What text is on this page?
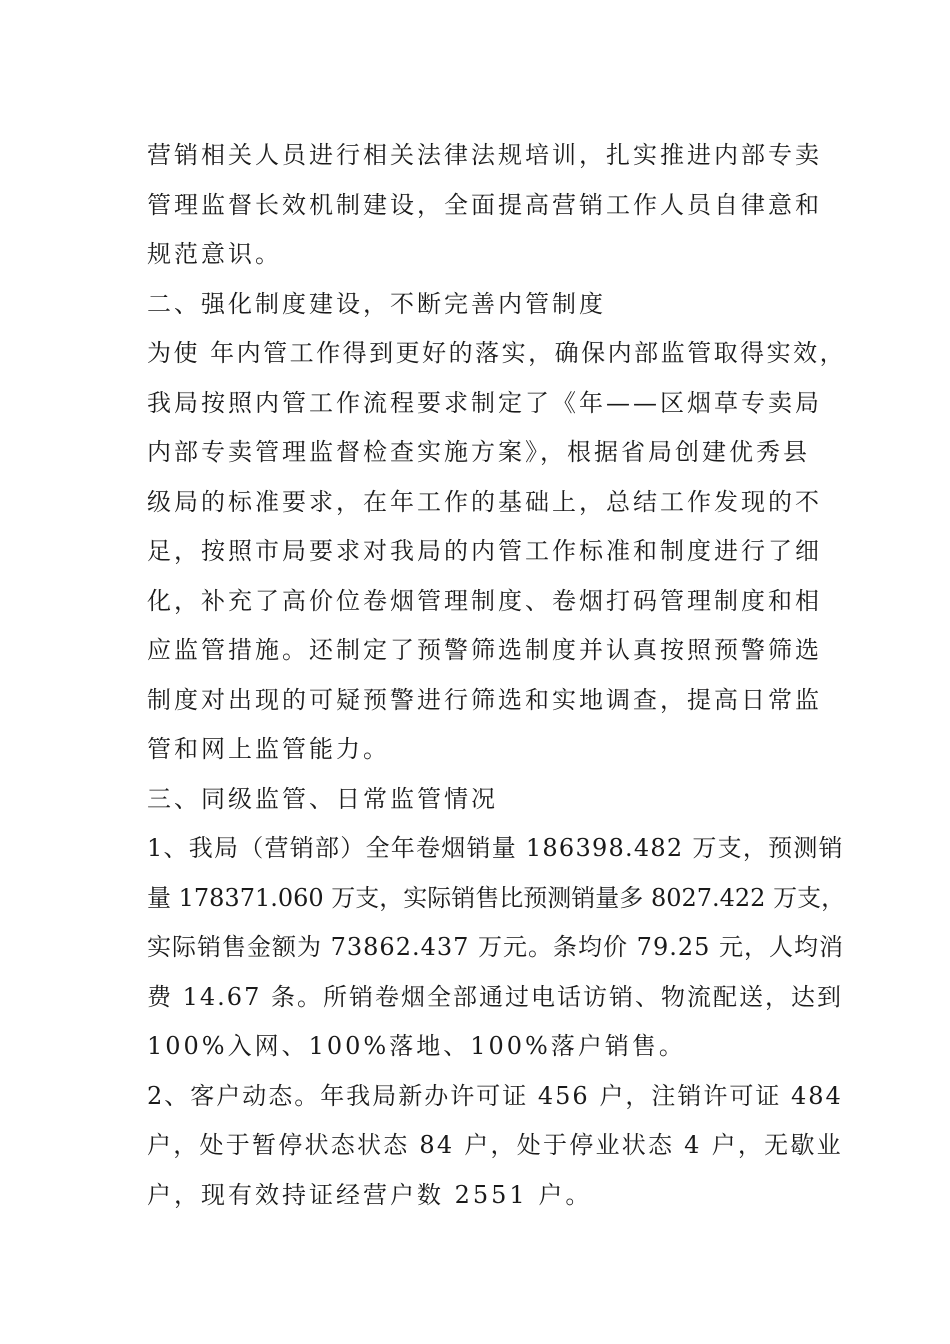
营销相关人员进行相关法律法规培训，扎实推进内部专卖
管理监督长效机制建设，全面提高营销工作人员自律意和
规范意识。
二、强化制度建设，不断完善内管制度
为使 年内管工作得到更好的落实，确保内部监管取得实效，
我局按照内管工作流程要求制定了《年——区烟草专卖局
内部专卖管理监督检查实施方案》，根据省局创建优秀县
级局的标准要求，在年工作的基础上，总结工作发现的不
足，按照市局要求对我局的内管工作标准和制度进行了细
化，补充了高价位卷烟管理制度、卷烟打码管理制度和相
应监管措施。还制定了预警筛选制度并认真按照预警筛选
制度对出现的可疑预警进行筛选和实地调查，提高日常监
管和网上监管能力。
三、同级监管、日常监管情况
1、我局（营销部）全年卷烟销量 186398.482 万支，预测销
量 178371.060 万支，实际销售比预测销量多 8027.422 万支，
实际销售金额为 73862.437 万元。条均价 79.25 元，人均消
费 14.67 条。所销卷烟全部通过电话访销、物流配送，达到
100%入网、100%落地、100%落户销售。
2、客户动态。年我局新办许可证 456 户，注销许可证 484
户，处于暂停状态状态 84 户，处于停业状态 4 户，无歇业
户，现有效持证经营户数 2551 户。
